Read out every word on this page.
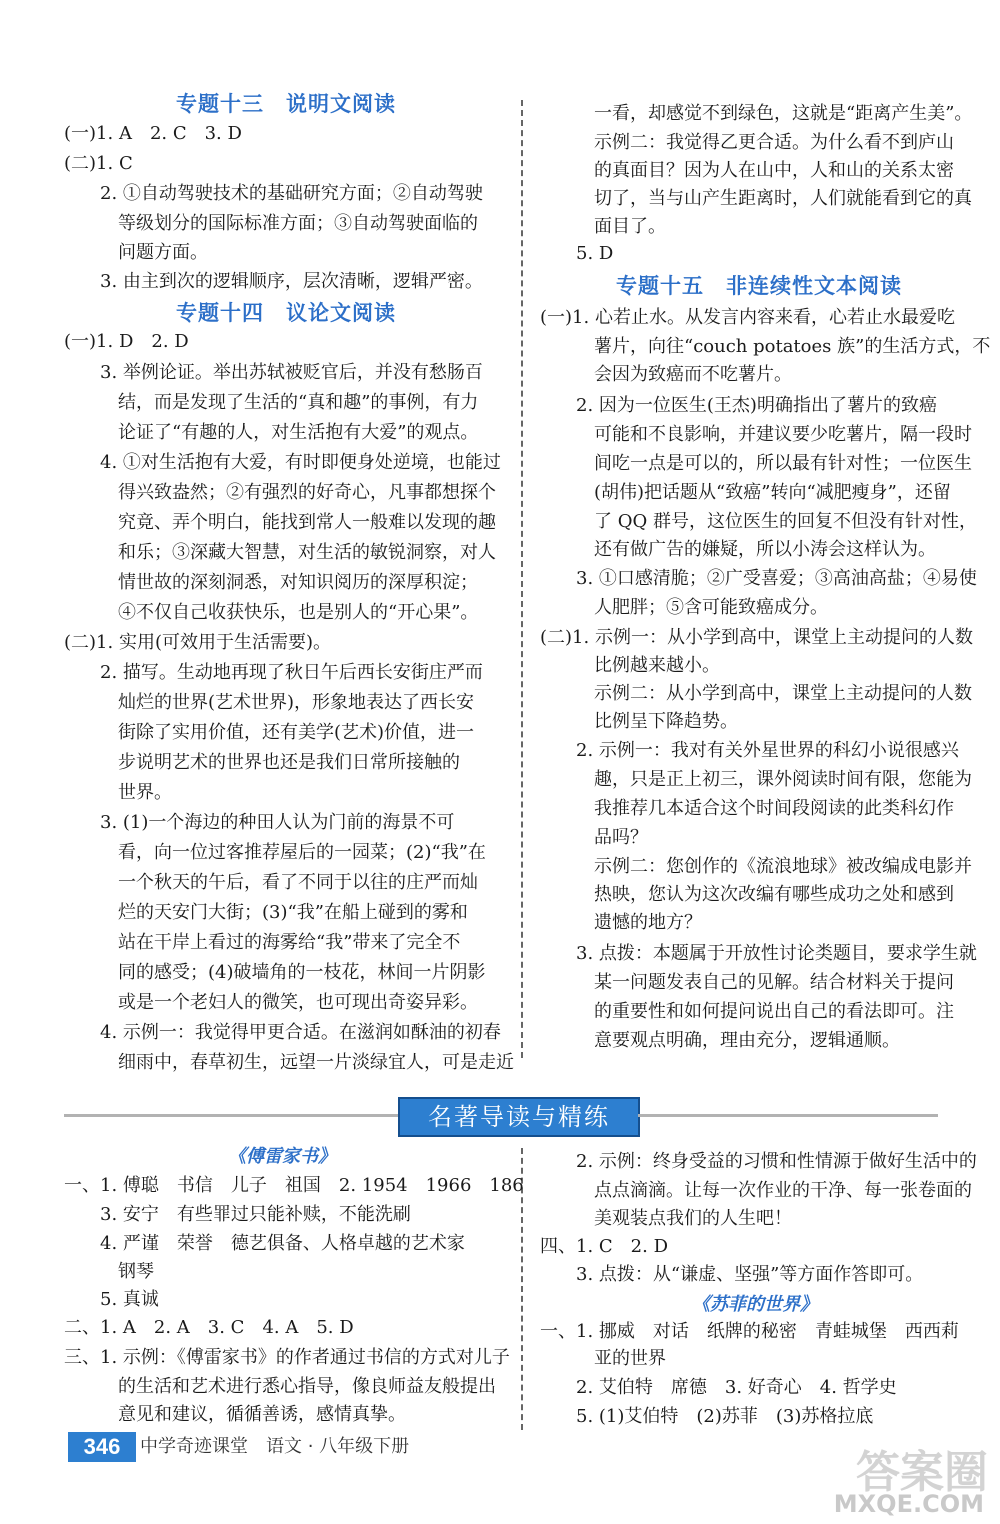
专题十三　说明文阅读
专题十四　议论文阅读
专题十五　非连续性文本阅读
(一)1. A　2. C　3. D
(二)1. C
　　2. ①自动驾驶技术的基础研究方面；②自动驾驶
　　　等级划分的国际标准方面；③自动驾驶面临的
　　　问题方面。
　　3. 由主到次的逻辑顺序，层次清晰，逻辑严密。
(一)1. D　2. D
　　3. 举例论证。举出苏轼被贬官后，并没有愁肠百
　　　结，而是发现了生活的“真和趣”的事例，有力
　　　论证了“有趣的人，对生活抱有大爱”的观点。
　　4. ①对生活抱有大爱，有时即便身处逆境，也能过
　　　得兴致盎然；②有强烈的好奇心，凡事都想探个
　　　究竟、弄个明白，能找到常人一般难以发现的趣
　　　和乐；③深藏大智慧，对生活的敏锐洞察，对人
　　　情世故的深刻洞悉，对知识阅历的深厚积淀；
　　　④不仅自己收获快乐，也是别人的“开心果”。
(二)1. 实用(可效用于生活需要)。
　　2. 描写。生动地再现了秋日午后西长安街庄严而
　　　灿烂的世界(艺术世界)，形象地表达了西长安
　　　街除了实用价值，还有美学(艺术)价值，进一
　　　步说明艺术的世界也还是我们日常所接触的
　　　世界。
　　3. (1)一个海边的种田人认为门前的海景不可
　　　看，向一位过客推荐屋后的一园菜；(2)“我”在
　　　一个秋天的午后，看了不同于以往的庄严而灿
　　　烂的天安门大街；(3)“我”在船上碰到的雾和
　　　站在干岸上看过的海雾给“我”带来了完全不
　　　同的感受；(4)破墙角的一枝花，林间一片阴影
　　　或是一个老妇人的微笑，也可现出奇姿异彩。
　　4. 示例一：我觉得甲更合适。在滋润如酥油的初春
　　　细雨中，春草初生，远望一片淡绿宜人，可是走近
　　　一看，却感觉不到绿色，这就是“距离产生美”。
　　　示例二：我觉得乙更合适。为什么看不到庐山
　　　的真面目？因为人在山中，人和山的关系太密
　　　切了，当与山产生距离时，人们就能看到它的真
　　　面目了。
　　5. D
(一)1. 心若止水。从发言内容来看，心若止水最爱吃
　　　薯片，向往“couch potatoes 族”的生活方式，不
　　　会因为致癌而不吃薯片。
　　2. 因为一位医生(王杰)明确指出了薯片的致癌
　　　可能和不良影响，并建议要少吃薯片，隔一段时
　　　间吃一点是可以的，所以最有针对性；一位医生
　　　(胡伟)把话题从“致癌”转向“减肥瘦身”，还留
　　　了 QQ 群号，这位医生的回复不但没有针对性，
　　　还有做广告的嫌疑，所以小涛会这样认为。
　　3. ①口感清脆；②广受喜爱；③高油高盐；④易使
　　　人肥胖；⑤含可能致癌成分。
(二)1. 示例一：从小学到高中，课堂上主动提问的人数
　　　比例越来越小。
　　　示例二：从小学到高中，课堂上主动提问的人数
　　　比例呈下降趋势。
　　2. 示例一：我对有关外星世界的科幻小说很感兴
　　　趣，只是正上初三，课外阅读时间有限，您能为
　　　我推荐几本适合这个时间段阅读的此类科幻作
　　　品吗？
　　　示例二：您创作的《流浪地球》被改编成电影并
　　　热映，您认为这次改编有哪些成功之处和感到
　　　遗憾的地方？
　　3. 点拨：本题属于开放性讨论类题目，要求学生就
　　　某一问题发表自己的见解。结合材料关于提问
　　　的重要性和如何提问说出自己的看法即可。注
　　　意要观点明确，理由充分，逻辑通顺。
名著导读与精练
《傅雷家书》
《苏菲的世界》
一、1. 傅聪　书信　儿子　祖国　2. 1954　1966　186
　　3. 安宁　有些罪过只能补赎，不能洗刷
　　4. 严谨　荣誉　德艺俱备、人格卓越的艺术家
　　　钢琴
　　5. 真诚
二、1. A　2. A　3. C　4. A　5. D
三、1. 示例：《傅雷家书》的作者通过书信的方式对儿子
　　　的生活和艺术进行悉心指导，像良师益友般提出
　　　意见和建议，循循善诱，感情真挚。
　　2. 示例：终身受益的习惯和性情源于做好生活中的
　　　点点滴滴。让每一次作业的干净、每一张卷面的
　　　美观装点我们的人生吧！
四、1. C　2. D
　　3. 点拨：从“谦虚、坚强”等方面作答即可。
一、1. 挪威　对话　纸牌的秘密　青蛙城堡　西西莉
　　　亚的世界
　　2. 艾伯特　席德　3. 好奇心　4. 哲学史
　　5. (1)艾伯特　(2)苏菲　(3)苏格拉底
346	中学奇迹课堂　语文 · 八年级下册
答案圈
MXQE.COM
